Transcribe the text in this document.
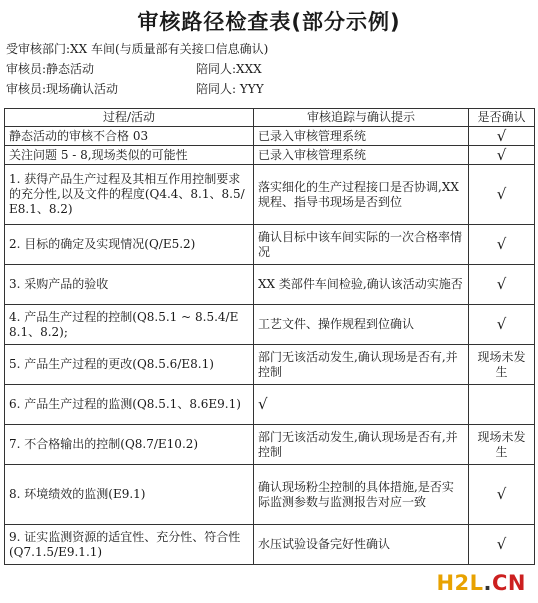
审核路径检查表(部分示例)
受审核部门:XX 车间(与质量部有关接口信息确认)
审核员:静态活动	陪同人:XXX
审核员:现场确认活动	陪同人: YYY
过程/活动	审核追踪与确认提示	是否确认
静态活动的审核不合格 03	已录入审核管理系统	√
关注问题 5 - 8,现场类似的可能性	已录入审核管理系统	√
1. 获得产品生产过程及其相互作用控制要求的充分性,以及文件的程度(Q4.4、8.1、8.5/E8.1、8.2)	落实细化的生产过程接口是否协调,XX 规程、指导书现场是否到位	√
2. 目标的确定及实现情况(Q/E5.2)	确认目标中该车间实际的一次合格率情况	√
3. 采购产品的验收	XX 类部件车间检验,确认该活动实施否	√
4. 产品生产过程的控制(Q8.5.1 ~ 8.5.4/E8.1、8.2);	工艺文件、操作规程到位确认	√
5. 产品生产过程的更改(Q8.5.6/E8.1)	部门无该活动发生,确认现场是否有,并控制	现场未发生
6. 产品生产过程的监测(Q8.5.1、8.6E9.1)	√	
7. 不合格输出的控制(Q8.7/E10.2)	部门无该活动发生,确认现场是否有,并控制	现场未发生
8. 环境绩效的监测(E9.1)	确认现场粉尘控制的具体措施,是否实际监测参数与监测报告对应一致	√
9. 证实监测资源的适宜性、充分性、符合性(Q7.1.5/E9.1.1)	水压试验设备完好性确认	√
H2L.CN
